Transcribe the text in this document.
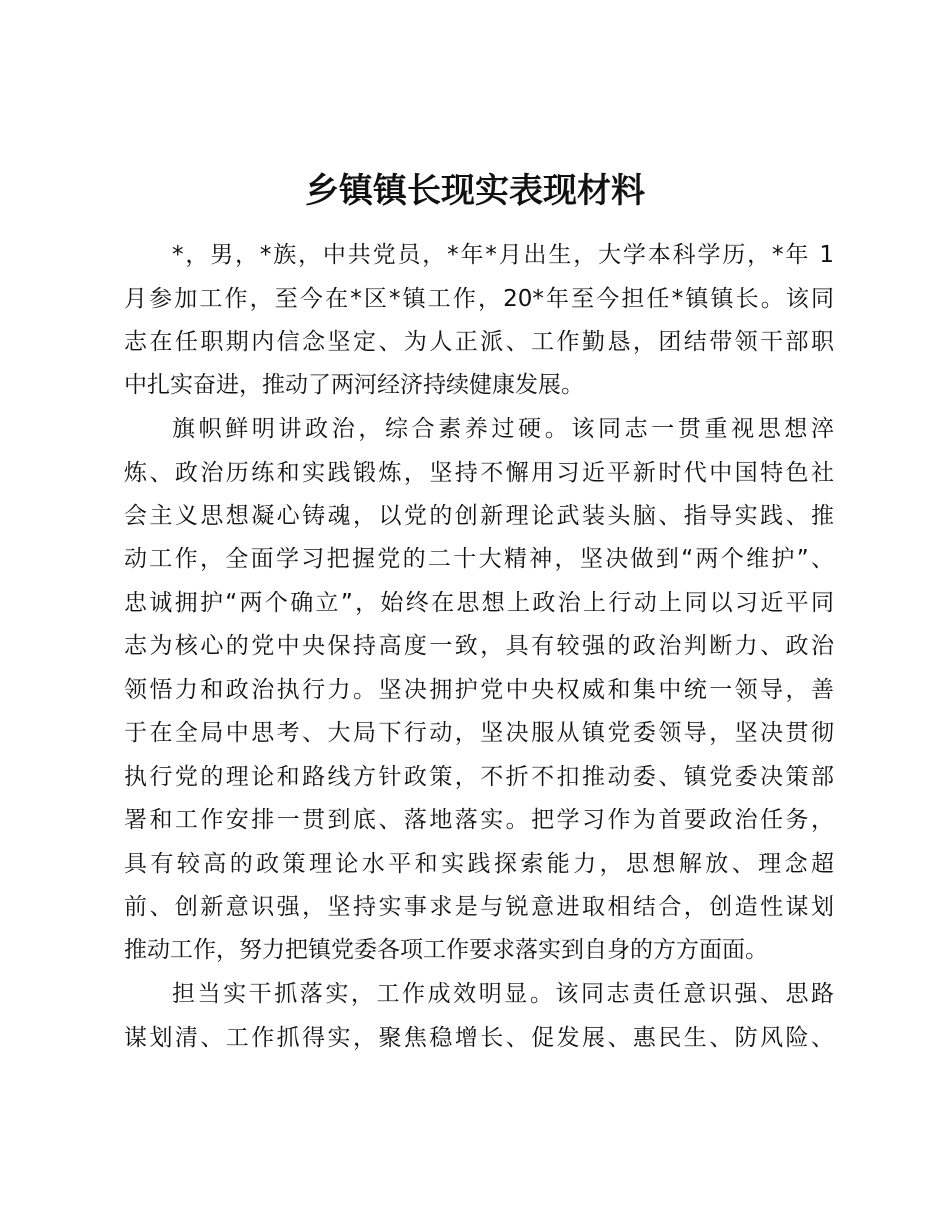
乡镇镇长现实表现材料
*，男，*族，中共党员，*年*月出生，大学本科学历，*年 1
月参加工作，至今在*区*镇工作，20*年至今担任*镇镇长。该同
志在任职期内信念坚定、为人正派、工作勤恳，团结带领干部职
中扎实奋进，推动了两河经济持续健康发展。
旗帜鲜明讲政治，综合素养过硬。该同志一贯重视思想淬
炼、政治历练和实践锻炼，坚持不懈用习近平新时代中国特色社
会主义思想凝心铸魂，以党的创新理论武装头脑、指导实践、推
动工作，全面学习把握党的二十大精神，坚决做到“两个维护”、
忠诚拥护“两个确立”，始终在思想上政治上行动上同以习近平同
志为核心的党中央保持高度一致，具有较强的政治判断力、政治
领悟力和政治执行力。坚决拥护党中央权威和集中统一领导，善
于在全局中思考、大局下行动，坚决服从镇党委领导，坚决贯彻
执行党的理论和路线方针政策，不折不扣推动委、镇党委决策部
署和工作安排一贯到底、落地落实。把学习作为首要政治任务，
具有较高的政策理论水平和实践探索能力，思想解放、理念超
前、创新意识强，坚持实事求是与锐意进取相结合，创造性谋划
推动工作，努力把镇党委各项工作要求落实到自身的方方面面。
担当实干抓落实，工作成效明显。该同志责任意识强、思路
谋划清、工作抓得实，聚焦稳增长、促发展、惠民生、防风险、
